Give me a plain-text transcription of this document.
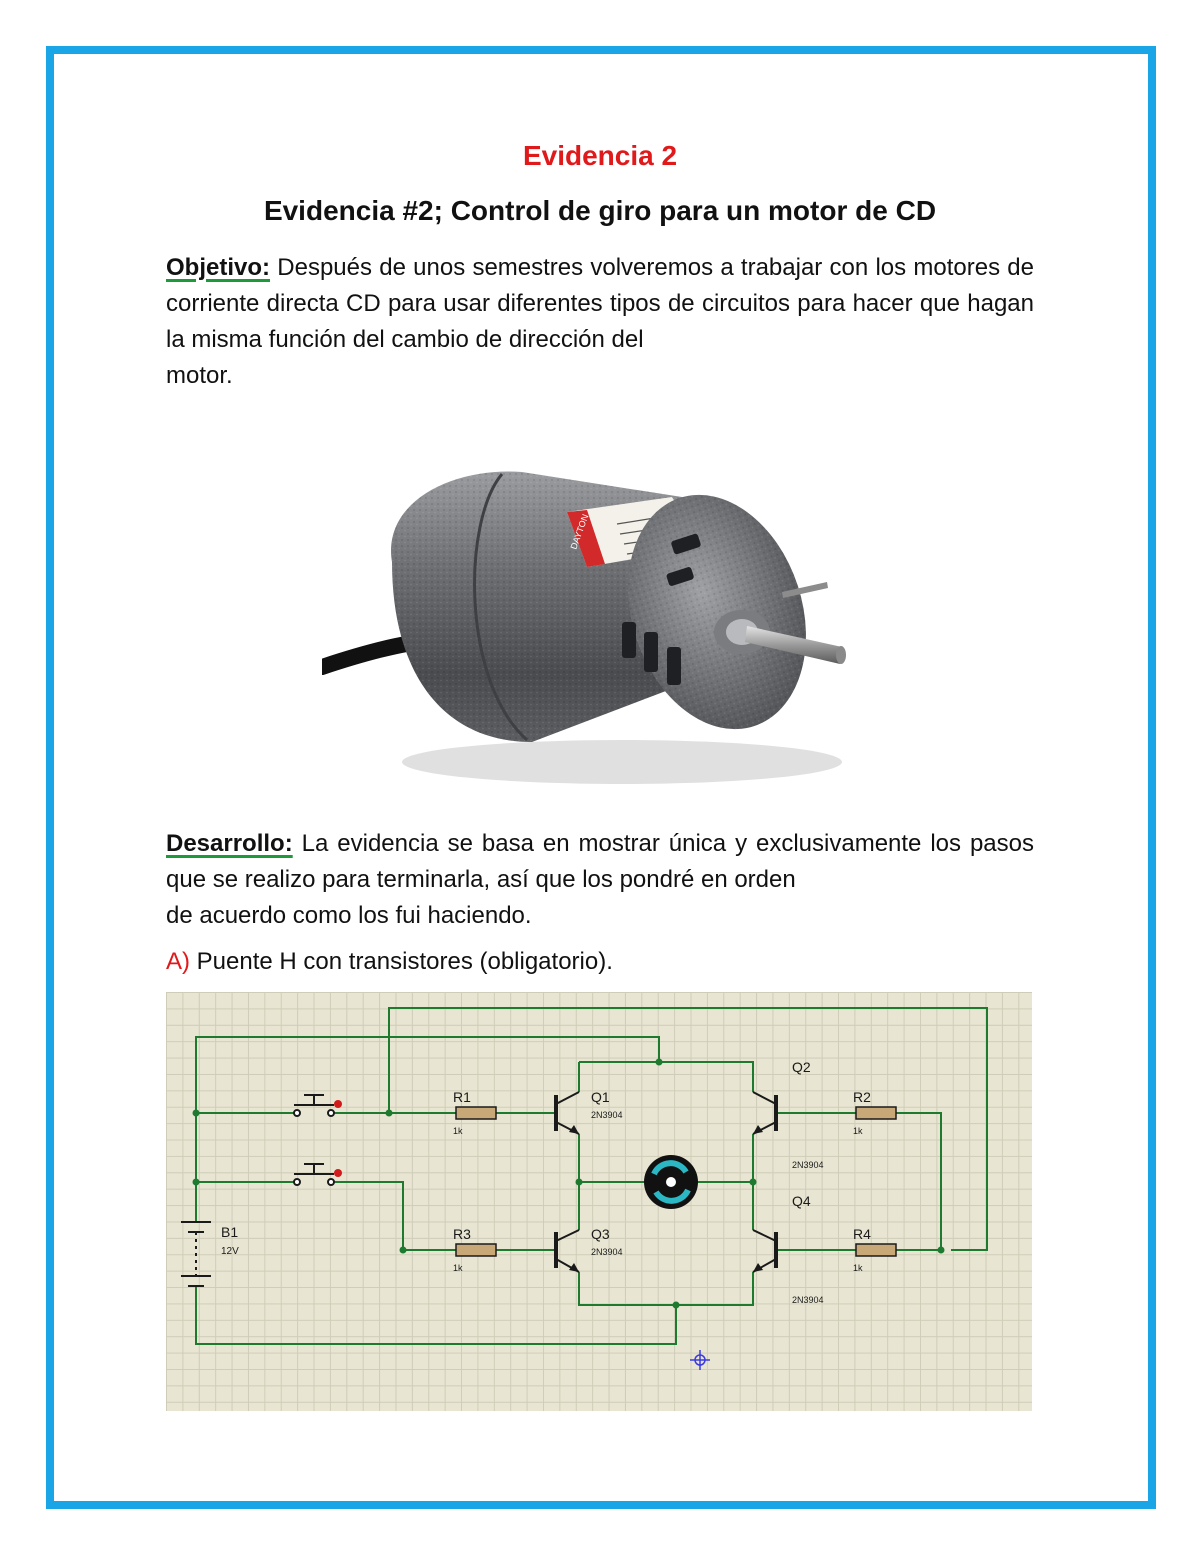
Evidencia 2
Evidencia #2; Control de giro para un motor de CD
Objetivo: Después de unos semestres volveremos a trabajar con los motores de corriente directa CD para usar diferentes tipos de circuitos para hacer que hagan la misma función del cambio de dirección del
motor.
DAYTON
Desarrollo: La evidencia se basa en mostrar única y exclusivamente los pasos que se realizo para terminarla, así que los pondré en orden
de acuerdo como los fui haciendo.
A) Puente H con transistores (obligatorio).
B1
12V
R1
1k
R2
1k
R3
1k
R4
1k
Q1
2N3904
Q2
2N3904
Q3
2N3904
Q4
2N3904
